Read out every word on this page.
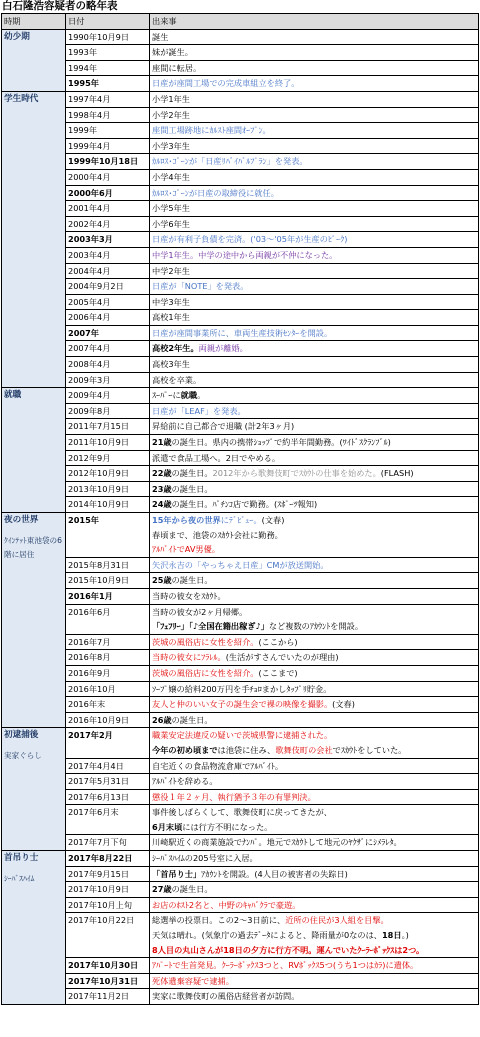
白石隆浩容疑者の略年表
時期	日付	出来事
幼少期	1990年10月9日	誕生

	1993年	妹が誕生。

	1994年	座間に転居。

	1995年	日産が座間工場での完成車組立を終了。

学生時代	1997年4月	小学1年生

	1998年4月	小学2年生

	1999年	座間工場跡地にｶﾙｽﾄ座間ｵｰﾌﾟﾝ。

	1999年4月	小学3年生

	1999年10月18日	ｶﾙﾛｽ･ｺﾞｰﾝが「日産ﾘﾊﾞｲﾊﾞﾙﾌﾟﾗﾝ」を発表。

	2000年4月	小学4年生

	2000年6月	ｶﾙﾛｽ･ｺﾞｰﾝが日産の取締役に就任。

	2001年4月	小学5年生

	2002年4月	小学6年生

	2003年3月	日産が有利子負債を完済。('03～'05年が生産のﾋﾟｰｸ)

	2003年4月	中学1年生。中学の途中から両親が不仲になった。

	2004年4月	中学2年生

	2004年9月2日	日産が「NOTE」を発表。

	2005年4月	中学3年生

	2006年4月	高校1年生

	2007年	日産が座間事業所に、車両生産技術ｾﾝﾀｰを開設。

	2007年4月	高校2年生。両親が離婚。

	2008年4月	高校3年生

	2009年3月	高校を卒業。

就職	2009年4月	ｽｰﾊﾟｰに就職。

	2009年8月	日産が「LEAF」を発表。

	2011年7月15日	昇給前に自己都合で退職 (計2年3ヶ月)

	2011年10月9日	21歳の誕生日。県内の携帯ｼｮｯﾌﾟで約半年間勤務。(ﾜｲﾄﾞｽｸﾗﾝﾌﾞﾙ)

	2012年9月	派遣で食品工場へ。2日でやめる。

	2012年10月9日	22歳の誕生日。2012年から歌舞伎町でｽｶｳﾄの仕事を始めた。(FLASH)

	2013年10月9日	23歳の誕生日。

	2014年10月9日	24歳の誕生日。ﾊﾟﾁﾝｺ店で勤務。(ｽﾎﾟｰﾂ報知)

夜の世界
ｸｲﾝﾃｯﾄ東池袋の6階に居住	2015年	15年から夜の世界にﾃﾞﾋﾞｭｰ。(文春)
春頃まで、池袋のｽｶｳﾄ会社に勤務。
ｱﾙﾊﾞｲﾄでAV男優。

	2015年8月31日	矢沢永吉の「やっちゃえ日産」CMが放送開始。

	2015年10月9日	25歳の誕生日。

	2016年1月	当時の彼女をｽｶｳﾄ。

	2016年6月	当時の彼女が2ヶ月帰郷。
「ﾌｪﾌﾘｰ」「♪全国在籍出稼ぎ♪」など複数のｱｶｳﾝﾄを開設。

	2016年7月	茨城の風俗店に女性を紹介。(ここから)

	2016年8月	当時の彼女にﾌﾗﾚﾙ。(生活がすさんでいたのが理由)

	2016年9月	茨城の風俗店に女性を紹介。(ここまで)

	2016年10月	ｿｰﾌﾟ嬢の給料200万円を手ﾁｮﾛまかしﾀｯﾌﾟﾘ貯金。

	2016年末	友人と仲のいい女子の誕生会で裸の映像を撮影。(文春)

	2016年10月9日	26歳の誕生日。

初逮捕後
実家ぐらし	2017年2月	職業安定法違反の疑いで茨城県警に逮捕された。
今年の初め頃までは池袋に住み、歌舞伎町の会社でｽｶｳﾄをしていた。

	2017年4月4日	自宅近くの食品物流倉庫でｱﾙﾊﾞｲﾄ。

	2017年5月31日	ｱﾙﾊﾞｲﾄを辞める。

	2017年6月13日	懲役１年２ヶ月、執行猶予３年の有罪判決。

	2017年6月末	事件後しばらくして、歌舞伎町に戻ってきたが、
6月末頃には行方不明になった。

	2017年7月下旬	川崎駅近くの商業施設でﾅﾝﾊﾟ。地元でｽｶｳﾄして地元のﾔｸｻﾞにｼﾒﾗﾚﾀ。

首吊り士
ｼｰﾊﾞｽﾊｲﾑ	2017年8月22日	ｼｰﾊﾞｽﾊｲﾑの205号室に入居。

	2017年9月15日	「首吊り士」ｱｶｳﾝﾄを開設。(4人目の被害者の失踪日)

	2017年10月9日	27歳の誕生日。

	2017年10月上旬	お店のﾎｽﾄ2名と、中野のｷｬﾊﾞｸﾗで豪遊。

	2017年10月22日	総選挙の投票日。この2～3日前に、近所の住民が3人組を目撃。
天気は晴れ。(気象庁の過去ﾃﾞｰﾀによると、降雨量が0なのは、18日。)
8人目の丸山さんが18日の夕方に行方不明。運んでいたｸｰﾗｰﾎﾞｯｸｽは2つ。

	2017年10月30日	ｱﾊﾟｰﾄで生首発見。ｸｰﾗｰﾎﾞｯｸｽ3つと、RVﾎﾞｯｸｽ5つ(うち1つはｶﾗ)に遺体。

	2017年10月31日	死体遺棄容疑で逮捕。

	2017年11月2日	実家に歌舞伎町の風俗店経営者が訪問。
